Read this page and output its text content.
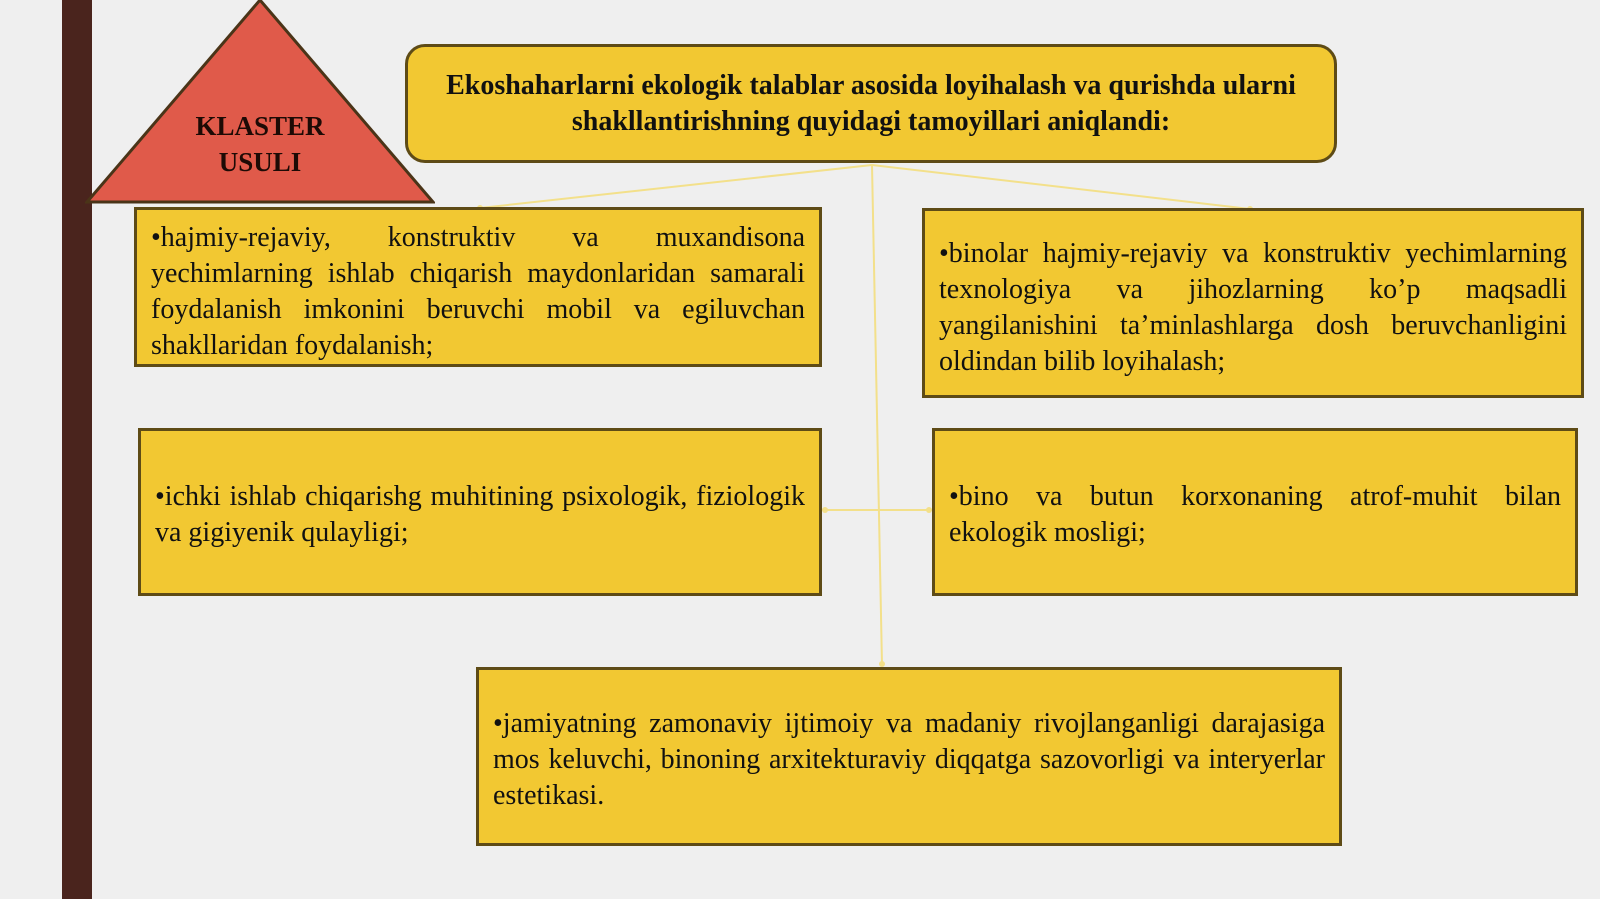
KLASTER USULI
Ekoshaharlarni ekologik talablar asosida loyihalash va qurishda ularni shakllantirishning quyidagi tamoyillari aniqlandi:
•hajmiy-rejaviy, konstruktiv va muxandisona yechimlarning ishlab chiqarish maydonlaridan samarali foydalanish imkonini beruvchi mobil va egiluvchan shakllaridan foydalanish;
•binolar hajmiy-rejaviy va konstruktiv yechimlarning texnologiya va jihozlarning ko’p maqsadli yangilanishini ta’minlashlarga dosh beruvchanligini oldindan bilib loyihalash;
•ichki ishlab chiqarishg muhitining psixologik, fiziologik va gigiyenik qulayligi;
•bino va butun korxonaning atrof-muhit bilan ekologik mosligi;
•jamiyatning zamonaviy ijtimoiy va madaniy rivojlanganligi darajasiga mos keluvchi, binoning arxitekturaviy diqqatga sazovorligi va interyerlar estetikasi.
